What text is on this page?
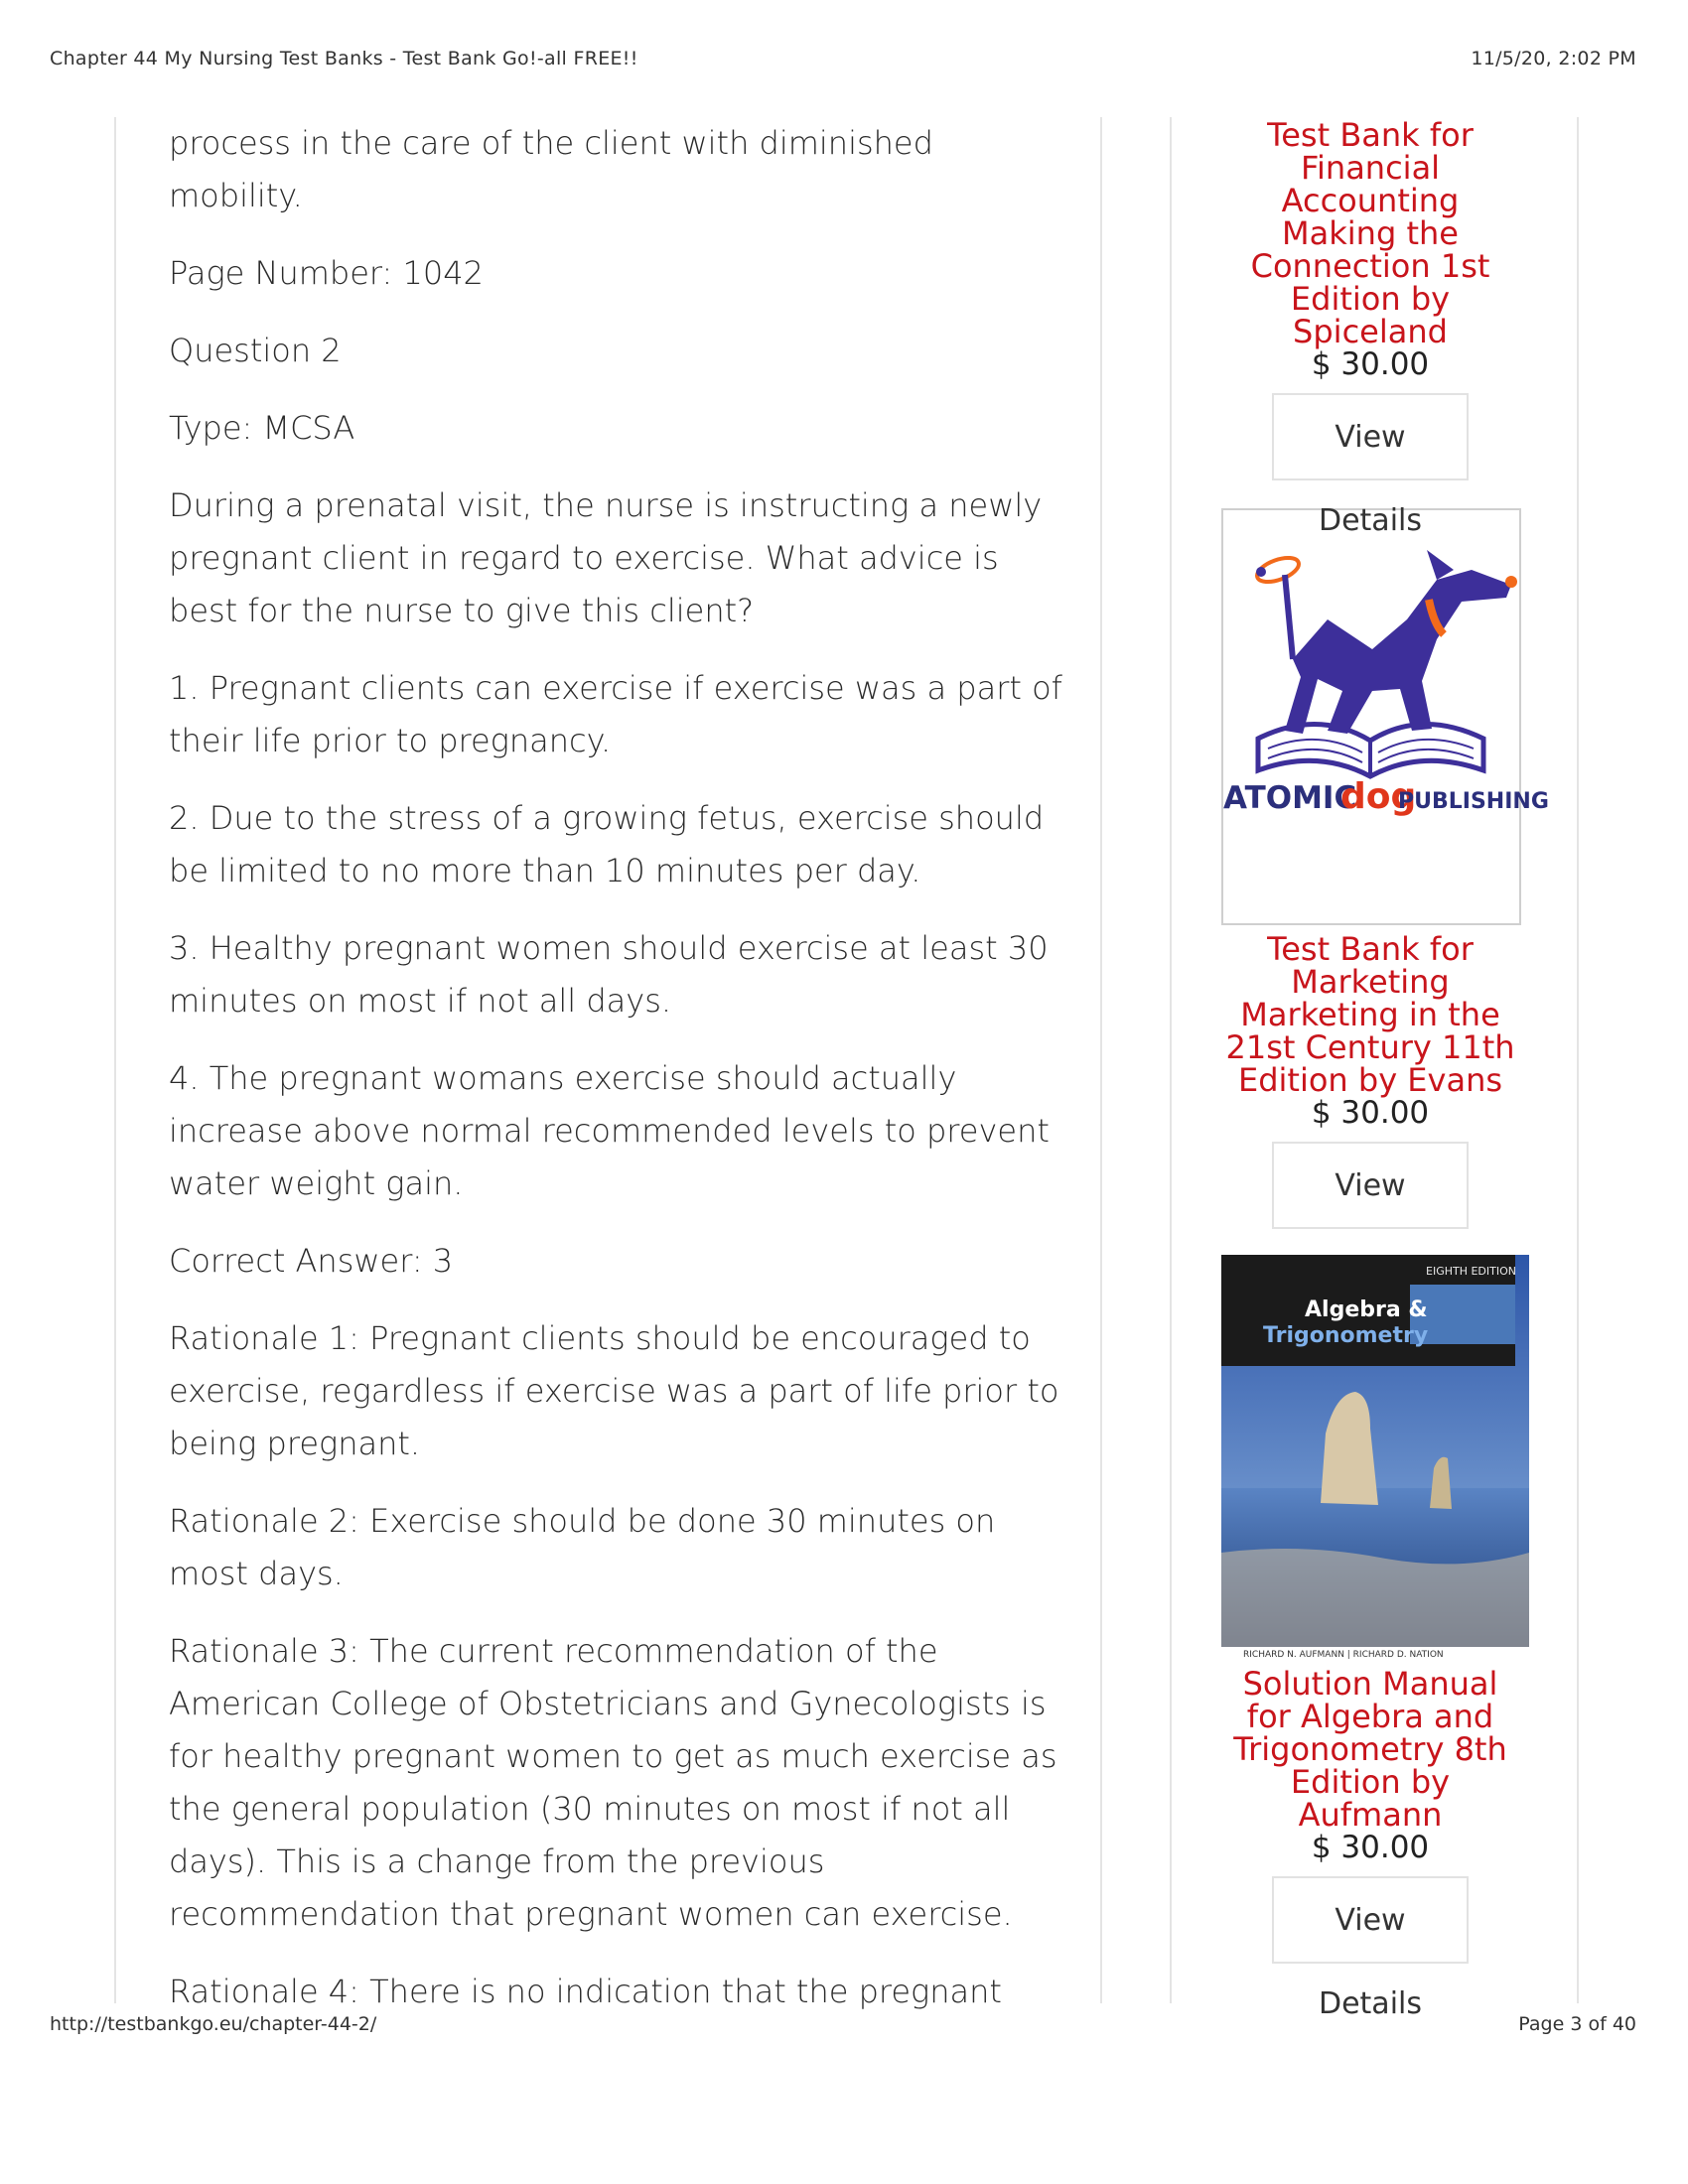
Chapter 44 My Nursing Test Banks - Test Bank Go!-all FREE!!	11/5/20, 2:02 PM

process in the care of the client with diminished mobility.

Page Number: 1042

Question 2

Type: MCSA

During a prenatal visit, the nurse is instructing a newly pregnant client in regard to exercise. What advice is best for the nurse to give this client?

1. Pregnant clients can exercise if exercise was a part of their life prior to pregnancy.

2. Due to the stress of a growing fetus, exercise should be limited to no more than 10 minutes per day.

3. Healthy pregnant women should exercise at least 30 minutes on most if not all days.

4. The pregnant womans exercise should actually increase above normal recommended levels to prevent water weight gain.

Correct Answer: 3

Rationale 1: Pregnant clients should be encouraged to exercise, regardless if exercise was a part of life prior to being pregnant.

Rationale 2: Exercise should be done 30 minutes on most days.

Rationale 3: The current recommendation of the American College of Obstetricians and Gynecologists is for healthy pregnant women to get as much exercise as the general population (30 minutes on most if not all days). This is a change from the previous recommendation that pregnant women can exercise.

Rationale 4: There is no indication that the pregnant

Test Bank for Financial Accounting Making the Connection 1st Edition by Spiceland
$ 30.00
View
ATOMIC
dog
PUBLISHING
Test Bank for Marketing Marketing in the 21st Century 11th Edition by Evans
$ 30.00
View
EIGHTH EDITION
Algebra &
Trigonometry
RICHARD N. AUFMANN | RICHARD D. NATION
Solution Manual for Algebra and Trigonometry 8th Edition by Aufmann
$ 30.00
View Details
http://testbankgo.eu/chapter-44-2/	Page 3 of 40
